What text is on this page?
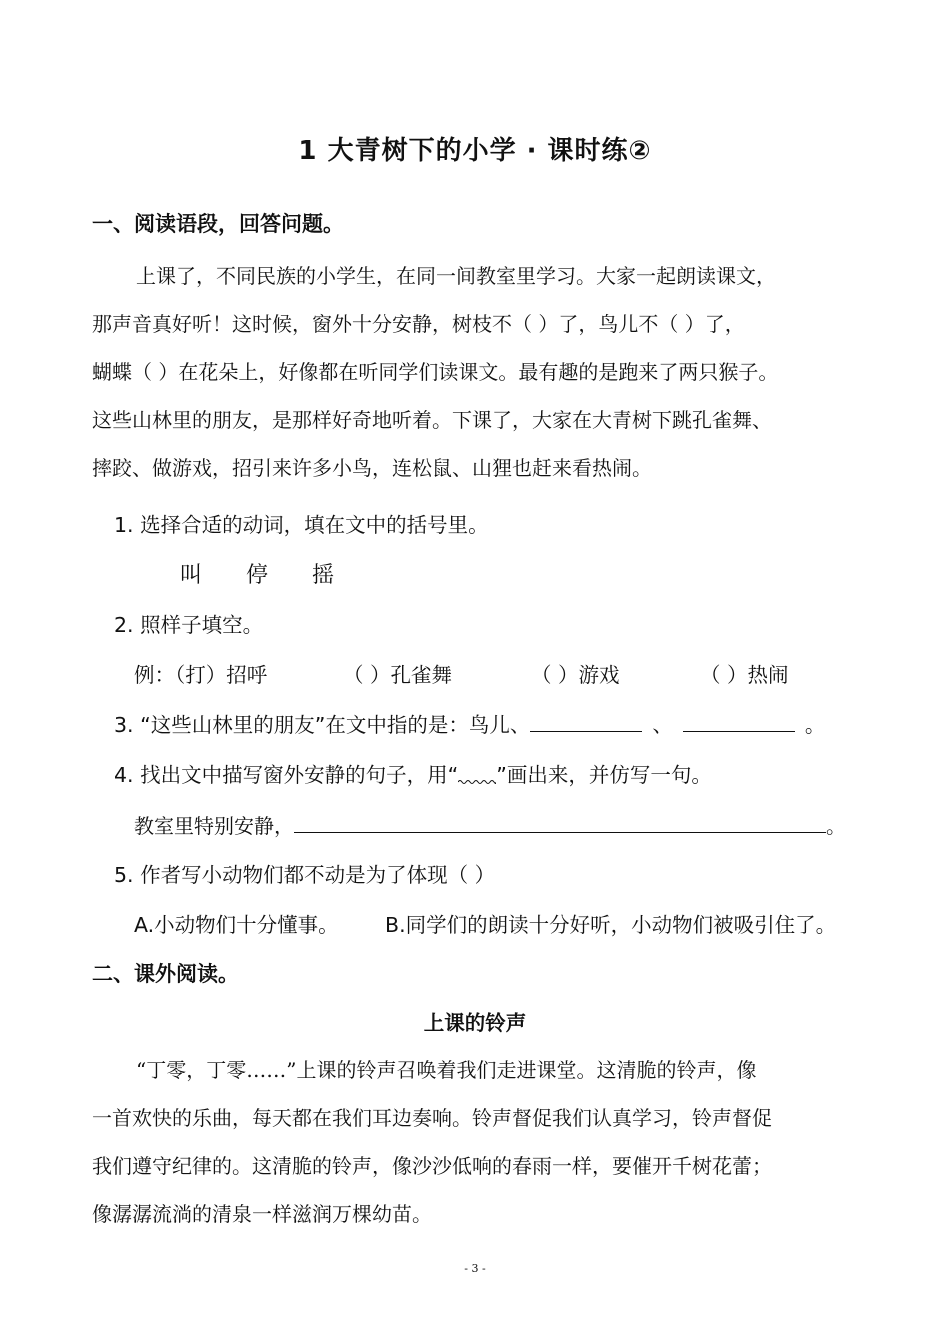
1 大青树下的小学 · 课时练②
一、阅读语段，回答问题。
上课了，不同民族的小学生，在同一间教室里学习。大家一起朗读课文，
那声音真好听！这时候，窗外十分安静，树枝不（ ）了，鸟儿不（ ）了，
蝴蝶（ ）在花朵上，好像都在听同学们读课文。最有趣的是跑来了两只猴子。
这些山林里的朋友，是那样好奇地听着。下课了，大家在大青树下跳孔雀舞、
摔跤、做游戏，招引来许多小鸟，连松鼠、山狸也赶来看热闹。
1. 选择合适的动词，填在文中的括号里。
叫 停 摇
2. 照样子填空。
例：（打）招呼	（ ）孔雀舞	（ ）游戏	（ ）热闹
3. “这些山林里的朋友”在文中指的是：鸟儿、	、	。
4. 找出文中描写窗外安静的句子，用“ ”画出来，并仿写一句。
教室里特别安静，	。
5. 作者写小动物们都不动是为了体现（ ）
A.小动物们十分懂事。 B.同学们的朗读十分好听，小动物们被吸引住了。
二、课外阅读。
上课的铃声
“丁零，丁零……”上课的铃声召唤着我们走进课堂。这清脆的铃声，像
一首欢快的乐曲，每天都在我们耳边奏响。铃声督促我们认真学习，铃声督促
我们遵守纪律的。这清脆的铃声，像沙沙低响的春雨一样，要催开千树花蕾；
像潺潺流淌的清泉一样滋润万棵幼苗。
- 3 -
